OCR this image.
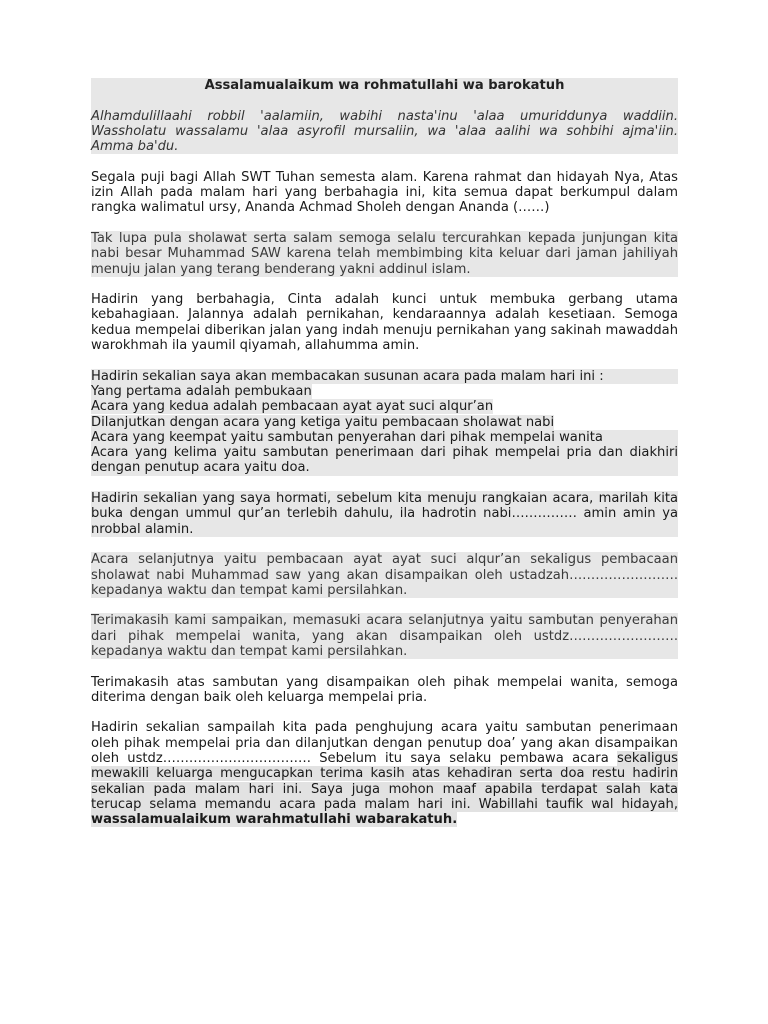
Assalamualaikum wa rohmatullahi wa barokatuh

Alhamdulillaahi robbil 'aalamiin, wabihi nasta'inu 'alaa umuriddunya waddiin. Wassholatu wassalamu 'alaa asyrofil mursaliin, wa 'alaa aalihi wa sohbihi ajma'iin. Amma ba'du.

Segala puji bagi Allah SWT Tuhan semesta alam. Karena rahmat dan hidayah Nya, Atas izin Allah pada malam hari yang berbahagia ini, kita semua dapat berkumpul dalam rangka walimatul ursy, Ananda Achmad Sholeh dengan Ananda (……)

Tak lupa pula sholawat serta salam semoga selalu tercurahkan kepada junjungan kita nabi besar Muhammad SAW karena telah membimbing kita keluar dari jaman jahiliyah menuju jalan yang terang benderang yakni addinul islam.

Hadirin yang berbahagia, Cinta adalah kunci untuk membuka gerbang utama kebahagiaan. Jalannya adalah pernikahan, kendaraannya adalah kesetiaan. Semoga kedua mempelai diberikan jalan yang indah menuju pernikahan yang sakinah mawaddah warokhmah ila yaumil qiyamah, allahumma amin.

Hadirin sekalian saya akan membacakan susunan acara pada malam hari ini :
Yang pertama adalah pembukaan
Acara yang kedua adalah pembacaan ayat ayat suci alqur’an
Dilanjutkan dengan acara yang ketiga yaitu pembacaan sholawat nabi
Acara yang keempat yaitu sambutan penyerahan dari pihak mempelai wanita
Acara yang kelima yaitu sambutan penerimaan dari pihak mempelai pria dan diakhiri dengan penutup acara yaitu doa.

Hadirin sekalian yang saya hormati, sebelum kita menuju rangkaian acara, marilah kita buka dengan ummul qur’an terlebih dahulu, ila hadrotin nabi…………… amin amin ya nrobbal alamin.

Acara selanjutnya yaitu pembacaan ayat ayat suci alqur’an sekaligus pembacaan sholawat nabi Muhammad saw yang akan disampaikan oleh ustadzah……………………. kepadanya waktu dan tempat kami persilahkan.

Terimakasih kami sampaikan, memasuki acara selanjutnya yaitu sambutan penyerahan dari pihak mempelai wanita, yang akan disampaikan oleh ustdz……………………. kepadanya waktu dan tempat kami persilahkan.

Terimakasih atas sambutan yang disampaikan oleh pihak mempelai wanita, semoga diterima dengan baik oleh keluarga mempelai pria.

Hadirin sekalian sampailah kita pada penghujung acara yaitu sambutan penerimaan oleh pihak mempelai pria dan dilanjutkan dengan penutup doa’ yang akan disampaikan oleh ustdz……………………………. Sebelum itu saya selaku pembawa acara sekaligus mewakili keluarga mengucapkan terima kasih atas kehadiran serta doa restu hadirin sekalian pada malam hari ini. Saya juga mohon maaf apabila terdapat salah kata terucap selama memandu acara pada malam hari ini. Wabillahi taufik wal hidayah, wassalamualaikum warahmatullahi wabarakatuh.
